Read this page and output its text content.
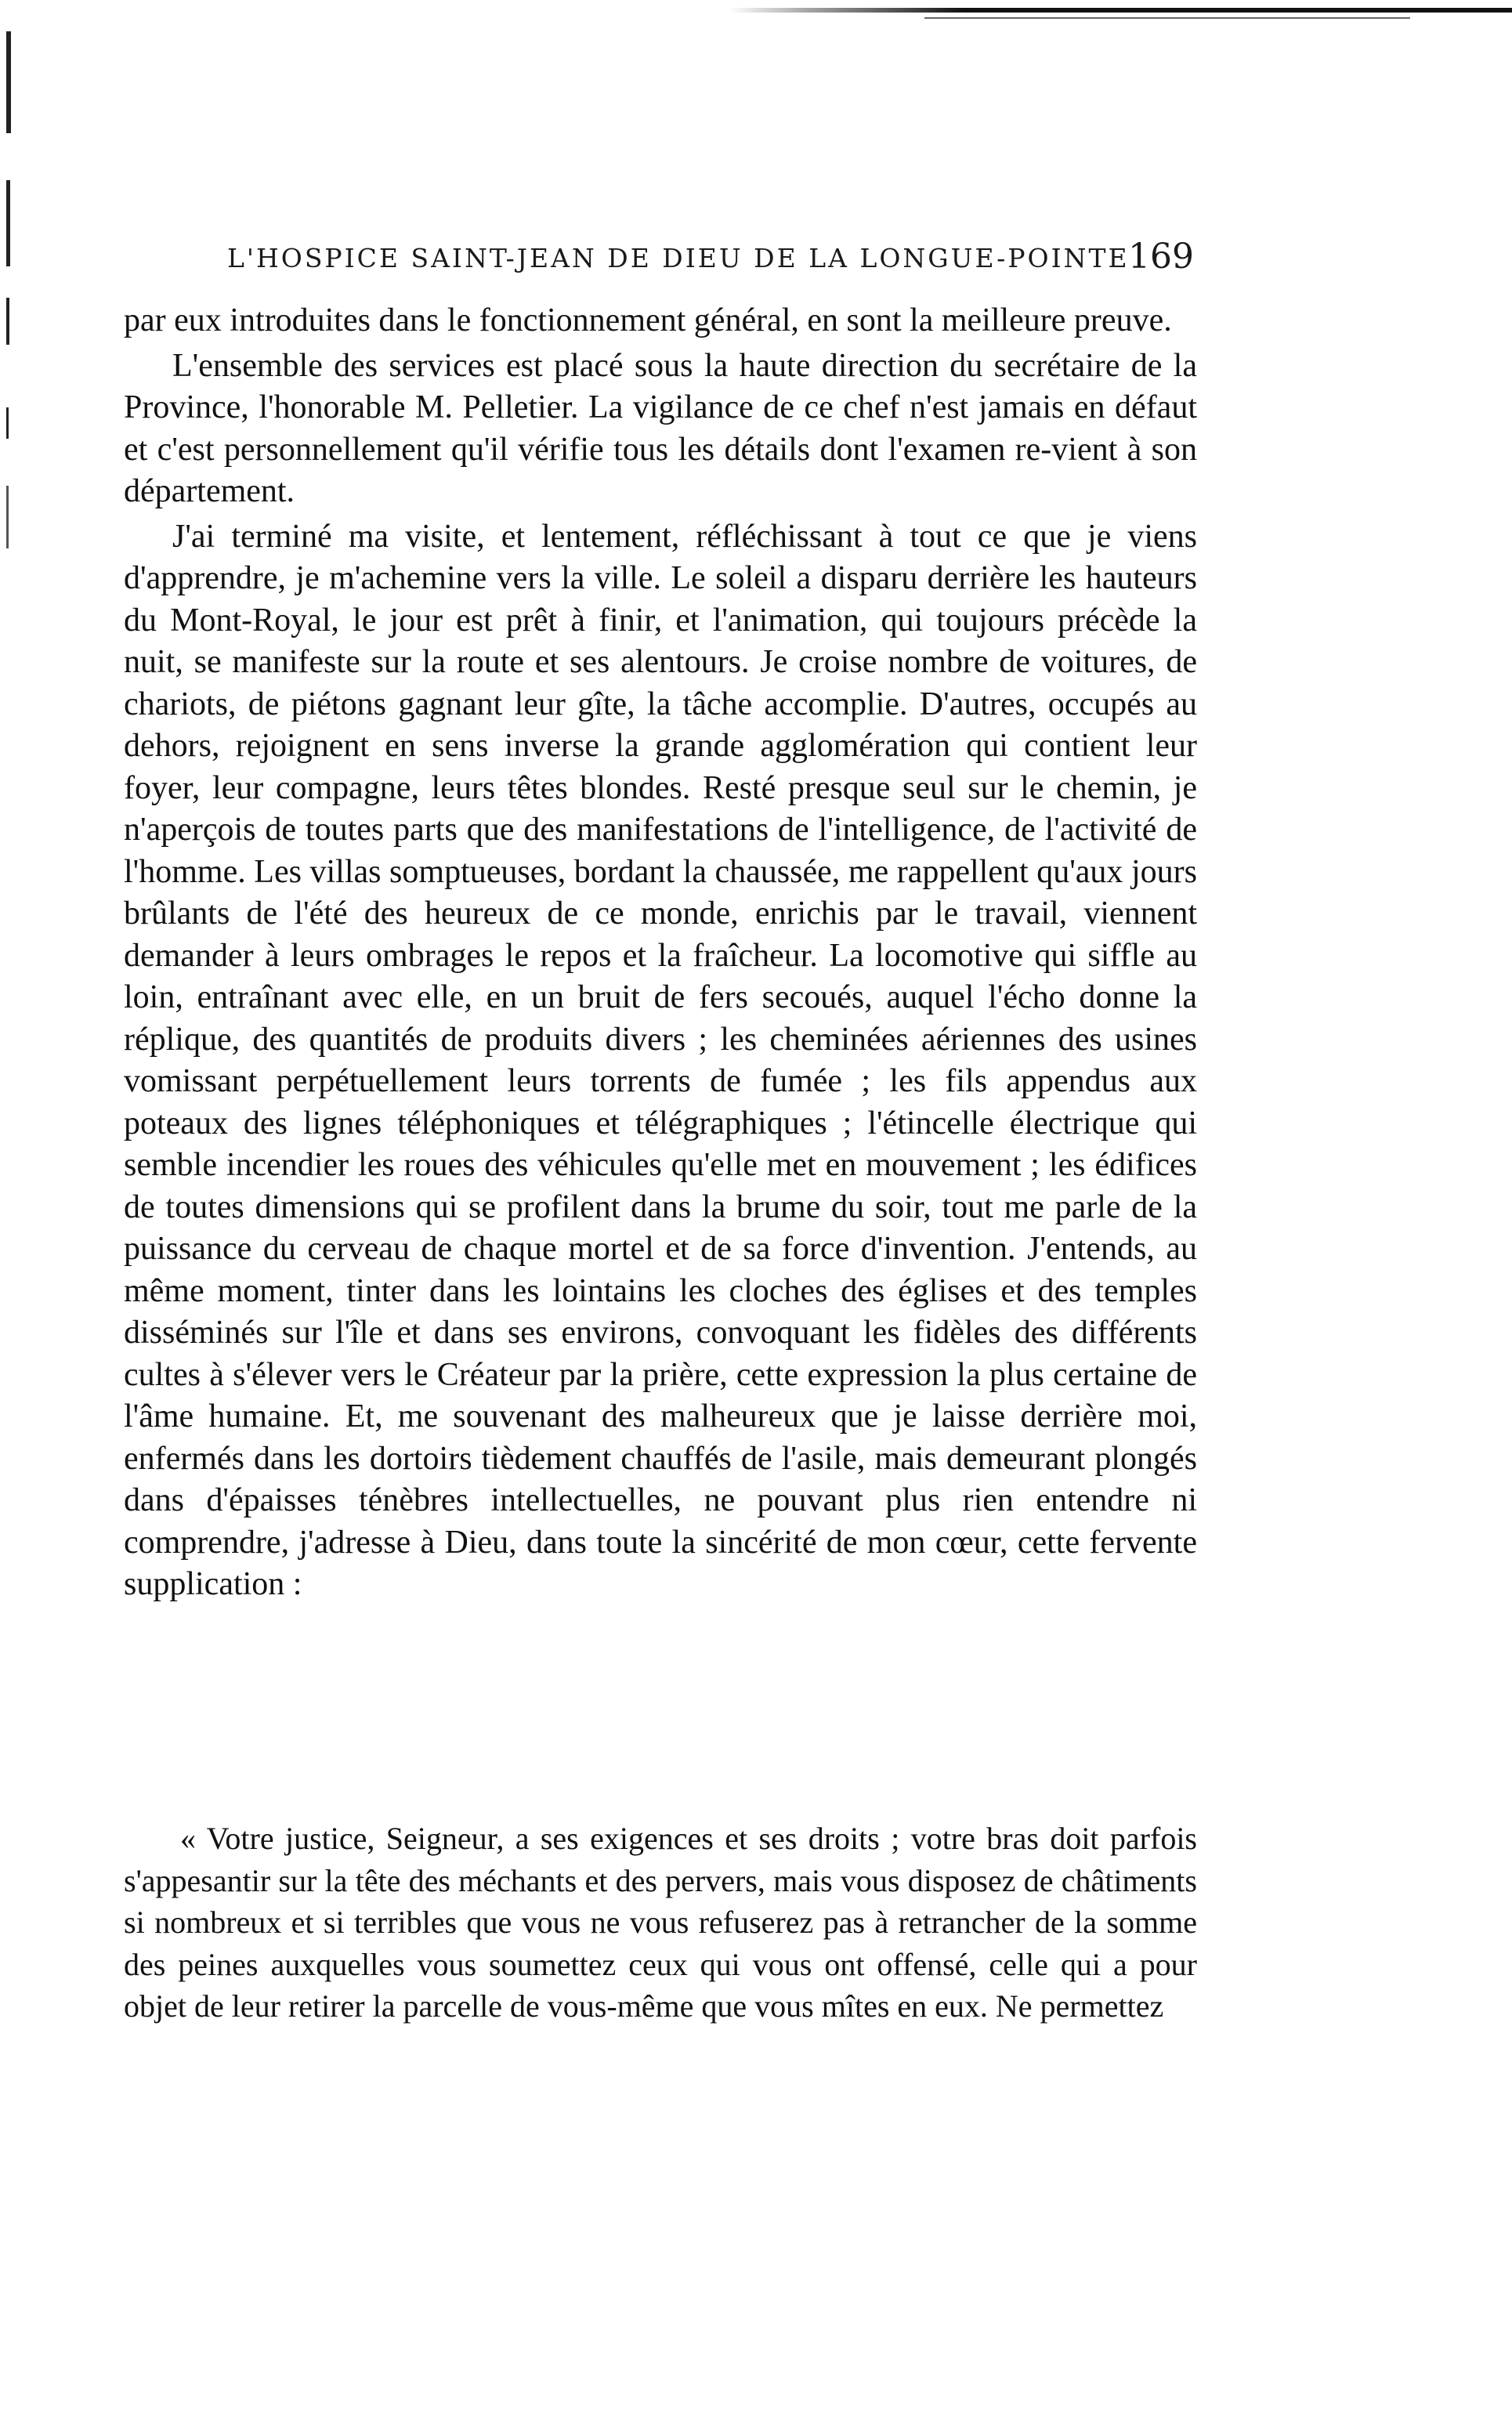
L'HOSPICE SAINT-JEAN DE DIEU DE LA LONGUE-POINTE
169

par eux introduites dans le fonctionnement général, en sont la meilleure preuve.

L'ensemble des services est placé sous la haute direction du secrétaire de la Province, l'honorable M. Pelletier. La vigilance de ce chef n'est jamais en défaut et c'est personnellement qu'il vérifie tous les détails dont l'examen re-vient à son département.

J'ai terminé ma visite, et lentement, réfléchissant à tout ce que je viens d'apprendre, je m'achemine vers la ville. Le soleil a disparu derrière les hauteurs du Mont-Royal, le jour est prêt à finir, et l'animation, qui toujours précède la nuit, se manifeste sur la route et ses alentours. Je croise nombre de voitures, de chariots, de piétons gagnant leur gîte, la tâche accomplie. D'autres, occupés au dehors, rejoignent en sens inverse la grande agglomération qui contient leur foyer, leur compagne, leurs têtes blondes. Resté presque seul sur le chemin, je n'aperçois de toutes parts que des manifestations de l'intelligence, de l'activité de l'homme. Les villas somptueuses, bordant la chaussée, me rappellent qu'aux jours brûlants de l'été des heureux de ce monde, enrichis par le travail, viennent demander à leurs ombrages le repos et la fraîcheur. La locomotive qui siffle au loin, entraînant avec elle, en un bruit de fers secoués, auquel l'écho donne la réplique, des quantités de produits divers ; les cheminées aériennes des usines vomissant perpétuellement leurs torrents de fumée ; les fils appendus aux poteaux des lignes téléphoniques et télégraphiques ; l'étincelle électrique qui semble incendier les roues des véhicules qu'elle met en mouvement ; les édifices de toutes dimensions qui se profilent dans la brume du soir, tout me parle de la puissance du cerveau de chaque mortel et de sa force d'invention. J'entends, au même moment, tinter dans les lointains les cloches des églises et des temples disséminés sur l'île et dans ses environs, convoquant les fidèles des différents cultes à s'élever vers le Créateur par la prière, cette expression la plus certaine de l'âme humaine. Et, me souvenant des malheureux que je laisse derrière moi, enfermés dans les dortoirs tièdement chauffés de l'asile, mais demeurant plongés dans d'épaisses ténèbres intellectuelles, ne pouvant plus rien entendre ni comprendre, j'adresse à Dieu, dans toute la sincérité de mon cœur, cette fervente supplication :

« Votre justice, Seigneur, a ses exigences et ses droits ; votre bras doit parfois s'appesantir sur la tête des méchants et des pervers, mais vous disposez de châtiments si nombreux et si terribles que vous ne vous refuserez pas à retrancher de la somme des peines auxquelles vous soumettez ceux qui vous ont offensé, celle qui a pour objet de leur retirer la parcelle de vous-même que vous mîtes en eux. Ne permettez
